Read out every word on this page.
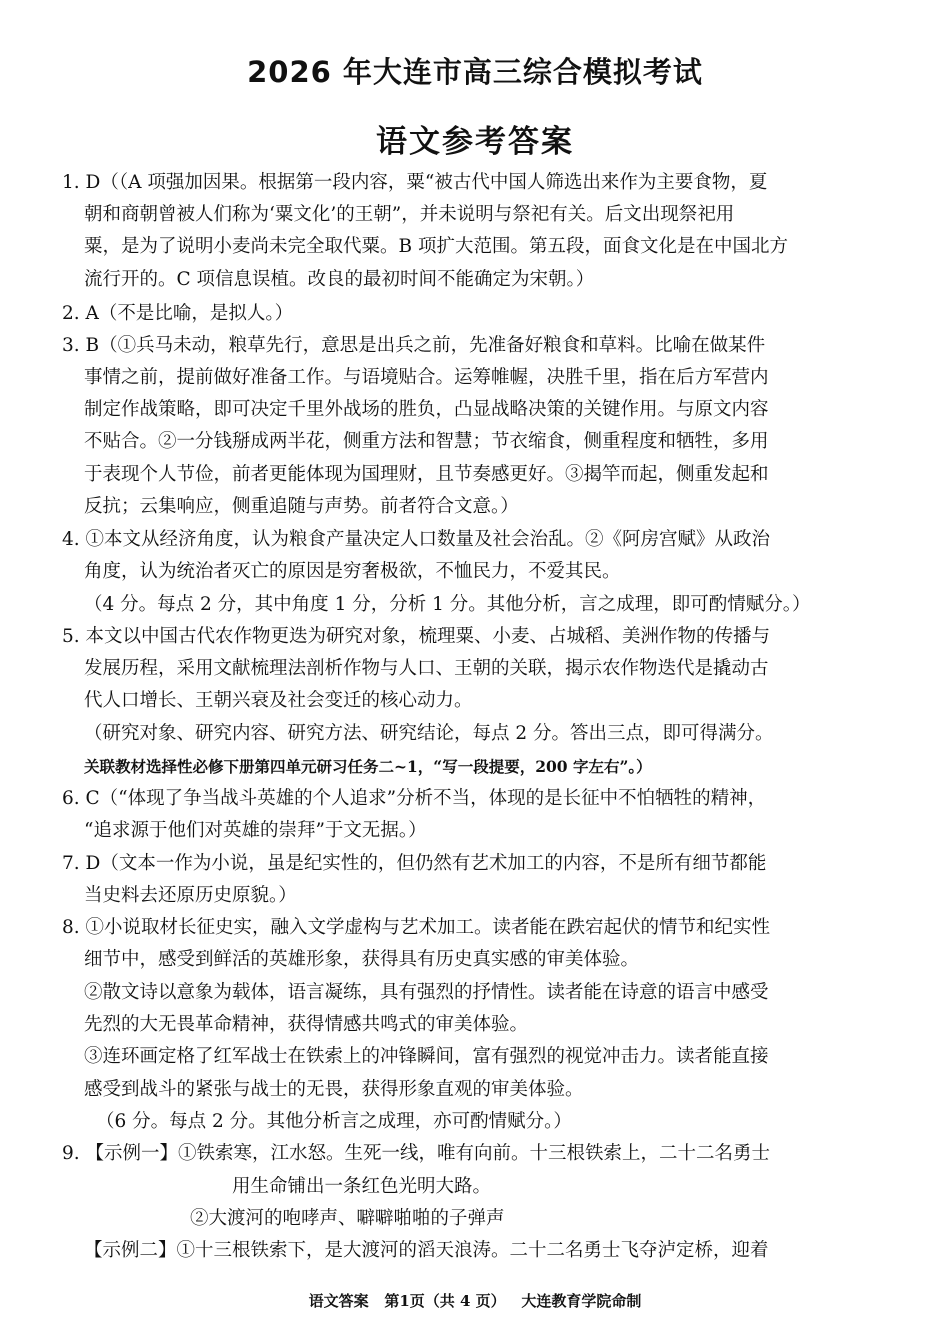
2026 年大连市高三综合模拟考试
语文参考答案
1. D（（A 项强加因果。根据第一段内容，粟“被古代中国人筛选出来作为主要食物，夏
朝和商朝曾被人们称为‘粟文化’的王朝”，并未说明与祭祀有关。后文出现祭祀用
粟，是为了说明小麦尚未完全取代粟。B 项扩大范围。第五段，面食文化是在中国北方
流行开的。C 项信息误植。改良的最初时间不能确定为宋朝。）
2. A（不是比喻，是拟人。）
3. B（①兵马未动，粮草先行，意思是出兵之前，先准备好粮食和草料。比喻在做某件
事情之前，提前做好准备工作。与语境贴合。运筹帷幄，决胜千里，指在后方军营内
制定作战策略，即可决定千里外战场的胜负，凸显战略决策的关键作用。与原文内容
不贴合。②一分钱掰成两半花，侧重方法和智慧；节衣缩食，侧重程度和牺牲，多用
于表现个人节俭，前者更能体现为国理财，且节奏感更好。③揭竿而起，侧重发起和
反抗；云集响应，侧重追随与声势。前者符合文意。）
4. ①本文从经济角度，认为粮食产量决定人口数量及社会治乱。②《阿房宫赋》从政治
角度，认为统治者灭亡的原因是穷奢极欲，不恤民力，不爱其民。
（4 分。每点 2 分，其中角度 1 分，分析 1 分。其他分析，言之成理，即可酌情赋分。）
5. 本文以中国古代农作物更迭为研究对象，梳理粟、小麦、占城稻、美洲作物的传播与
发展历程，采用文献梳理法剖析作物与人口、王朝的关联，揭示农作物迭代是撬动古
代人口增长、王朝兴衰及社会变迁的核心动力。
（研究对象、研究内容、研究方法、研究结论，每点 2 分。答出三点，即可得满分。
关联教材选择性必修下册第四单元研习任务二~1，“写一段提要，200 字左右”。）
6. C（“体现了争当战斗英雄的个人追求”分析不当，体现的是长征中不怕牺牲的精神，
“追求源于他们对英雄的崇拜”于文无据。）
7. D（文本一作为小说，虽是纪实性的，但仍然有艺术加工的内容，不是所有细节都能
当史料去还原历史原貌。）
8. ①小说取材长征史实，融入文学虚构与艺术加工。读者能在跌宕起伏的情节和纪实性
细节中，感受到鲜活的英雄形象，获得具有历史真实感的审美体验。
②散文诗以意象为载体，语言凝练，具有强烈的抒情性。读者能在诗意的语言中感受
先烈的大无畏革命精神，获得情感共鸣式的审美体验。
③连环画定格了红军战士在铁索上的冲锋瞬间，富有强烈的视觉冲击力。读者能直接
感受到战斗的紧张与战士的无畏，获得形象直观的审美体验。
（6 分。每点 2 分。其他分析言之成理，亦可酌情赋分。）
9. 【示例一】①铁索寒，江水怒。生死一线，唯有向前。十三根铁索上，二十二名勇士
用生命铺出一条红色光明大路。
②大渡河的咆哮声、噼噼啪啪的子弹声
【示例二】①十三根铁索下，是大渡河的滔天浪涛。二十二名勇士飞夺泸定桥，迎着
语文答案   第1页（共 4 页）   大连教育学院命制
